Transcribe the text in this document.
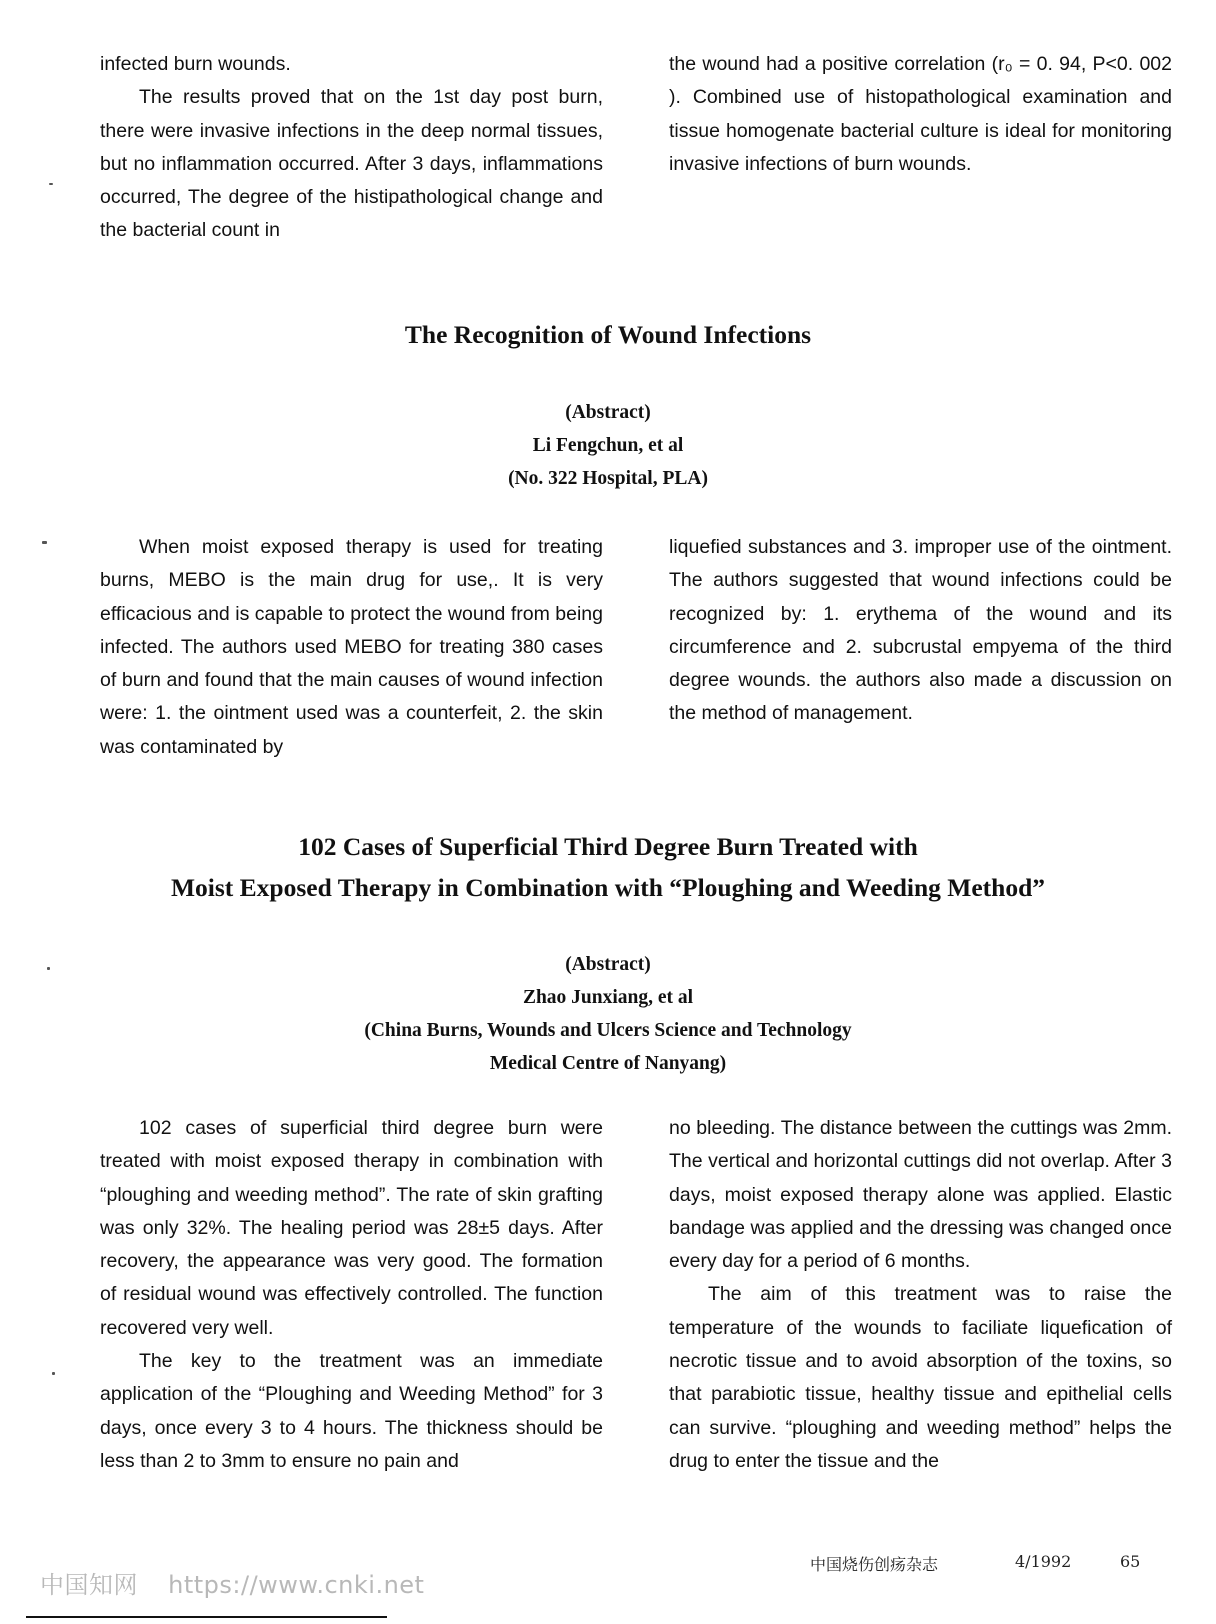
infected burn wounds.

The results proved that on the 1st day post burn, there were invasive infections in the deep normal tissues, but no inflammation occurred. After 3 days, inflammations occurred, The degree of the histipathological change and the bacterial count in

the wound had a positive correlation (r₀ = 0. 94, P<0. 002 ). Combined use of histopathological examination and tissue homogenate bacterial culture is ideal for monitoring invasive infections of burn wounds.

The Recognition of Wound Infections
(Abstract)
Li Fengchun, et al
(No. 322 Hospital, PLA)

When moist exposed therapy is used for treating burns, MEBO is the main drug for use,. It is very efficacious and is capable to protect the wound from being infected. The authors used MEBO for treating 380 cases of burn and found that the main causes of wound infection were: 1. the ointment used was a counterfeit, 2. the skin was contaminated by

liquefied substances and 3. improper use of the ointment. The authors suggested that wound infections could be recognized by: 1. erythema of the wound and its circumference and 2. subcrustal empyema of the third degree wounds. the authors also made a discussion on the method of management.

102 Cases of Superficial Third Degree Burn Treated with
Moist Exposed Therapy in Combination with “Ploughing and Weeding Method”
(Abstract)
Zhao Junxiang, et al
(China Burns, Wounds and Ulcers Science and Technology
Medical Centre of Nanyang)

102 cases of superficial third degree burn were treated with moist exposed therapy in combination with “ploughing and weeding method”. The rate of skin grafting was only 32%. The healing period was 28±5 days. After recovery, the appearance was very good. The formation of residual wound was effectively controlled. The function recovered very well.

The key to the treatment was an immediate application of the “Ploughing and Weeding Method” for 3 days, once every 3 to 4 hours. The thickness should be less than 2 to 3mm to ensure no pain and

no bleeding. The distance between the cuttings was 2mm. The vertical and horizontal cuttings did not overlap. After 3 days, moist exposed therapy alone was applied. Elastic bandage was applied and the dressing was changed once every day for a period of 6 months.

The aim of this treatment was to raise the temperature of the wounds to faciliate liquefication of necrotic tissue and to avoid absorption of the toxins, so that parabiotic tissue, healthy tissue and epithelial cells can survive. “ploughing and weeding method” helps the drug to enter the tissue and the

中国烧伤创疡杂志	4/1992	65
中国知网 https://www.cnki.net
